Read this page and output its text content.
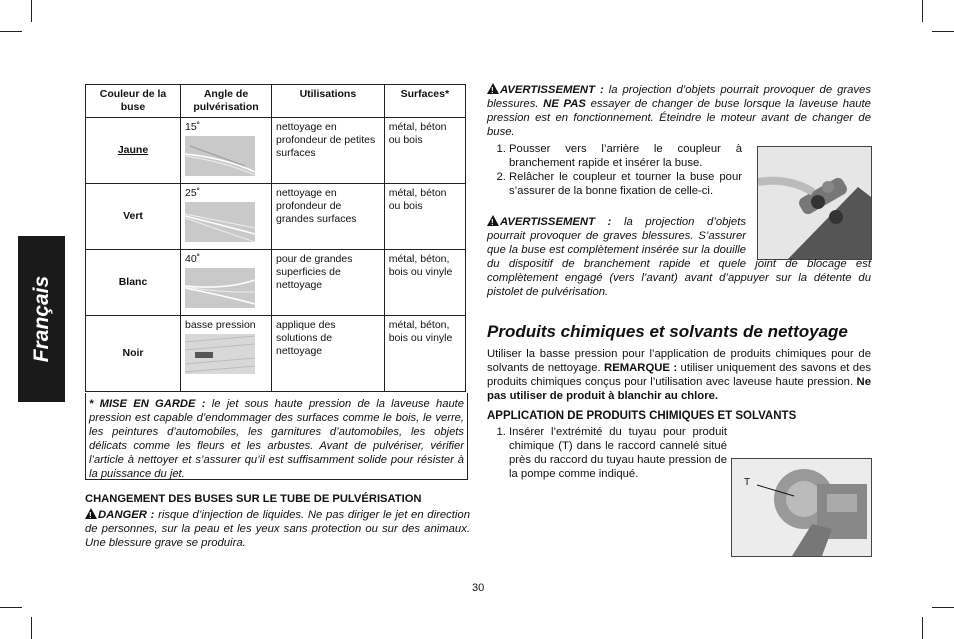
Français
Couleur de la buse	Angle de pulvérisation	Utilisations	Surfaces*
Jaune	15˚	nettoyage en profondeur de petites surfaces	métal, béton ou bois
Vert	25˚	nettoyage en profondeur de grandes surfaces	métal, béton ou bois
Blanc	40˚	pour de grandes superficies de nettoyage	métal, béton, bois ou vinyle
Noir	basse pression	applique des solutions de nettoyage	métal, béton, bois ou vinyle
* MISE EN GARDE : le jet sous haute pression de la laveuse haute pression est capable d’endommager des surfaces comme le bois, le verre, les peintures d’automobiles, les garnitures d’automobiles, les objets délicats comme les fleurs et les arbustes. Avant de pulvériser, vérifier l’article à nettoyer et s’assurer qu’il est suffisamment solide pour résister à la puissance du jet.
CHANGEMENT DES BUSES SUR LE TUBE DE PULVÉRISATION
!DANGER : risque d’injection de liquides. Ne pas diriger le jet en direction de personnes, sur la peau et les yeux sans protection ou sur des animaux. Une blessure grave se produira.
!AVERTISSEMENT : la projection d’objets pourrait provoquer de graves blessures. NE PAS essayer de changer de buse lorsque la laveuse haute pression est en fonctionnement. Éteindre le moteur avant de changer de buse.
1. Pousser vers l’arrière le coupleur à branchement rapide et insérer la buse.
2. Relâcher le coupleur et tourner la buse pour s’assurer de la bonne fixation de celle-ci.
!AVERTISSEMENT : la projection d’objets pourrait provoquer de graves blessures. S’assurer que la buse est complètement insérée sur la douille du dispositif de branchement rapide et quele joint de blocage est complètement engagé (vers l’avant) avant d’appuyer sur la détente du pistolet de pulvérisation.
Produits chimiques et solvants de nettoyage
Utiliser la basse pression pour l’application de produits chimiques pour de solvants de nettoyage. REMARQUE : utiliser uniquement des savons et des produits chimiques conçus pour l’utilisation avec laveuse haute pression. Ne pas utiliser de produit à blanchir au chlore.
APPLICATION DE PRODUITS CHIMIQUES ET SOLVANTS
1. Insérer l’extrémité du tuyau pour produit chimique (T) dans le raccord cannelé situé près du raccord du tuyau haute pression de la pompe comme indiqué.
T
30
